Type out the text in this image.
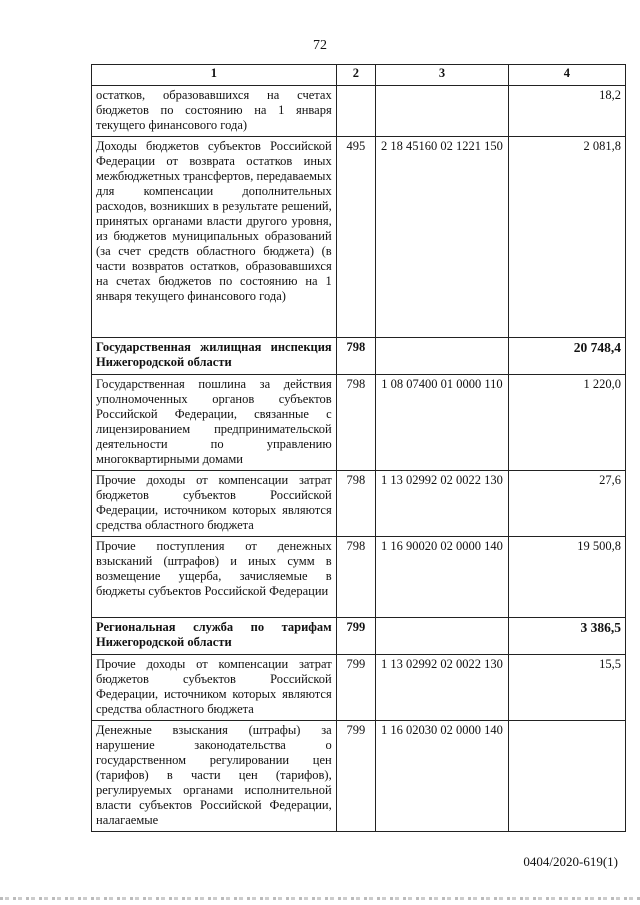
72
1	2	3	4
остатков, образовавшихся на счетах бюджетов по состоянию на 1 января текущего финансового года)			18,2
Доходы бюджетов субъектов Российской Федерации от возврата остатков иных межбюджетных трансфертов, передаваемых для компенсации дополнительных расходов, возникших в результате решений, принятых органами власти другого уровня, из бюджетов муниципальных образований (за счет средств областного бюджета) (в части возвратов остатков, образовавшихся на счетах бюджетов по состоянию на 1 января текущего финансового года)	495	2 18 45160 02 1221 150	2 081,8
Государственная жилищная инспекция Нижегородской области	798		20 748,4
Государственная пошлина за действия уполномоченных органов субъектов Российской Федерации, связанные с лицензированием предпринимательской деятельности по управлению многоквартирными домами	798	1 08 07400 01 0000 110	1 220,0
Прочие доходы от компенсации затрат бюджетов субъектов Российской Федерации, источником которых являются средства областного бюджета	798	1 13 02992 02 0022 130	27,6
Прочие поступления от денежных взысканий (штрафов) и иных сумм в возмещение ущерба, зачисляемые в бюджеты субъектов Российской Федерации	798	1 16 90020 02 0000 140	19 500,8
Региональная служба по тарифам Нижегородской области	799		3 386,5
Прочие доходы от компенсации затрат бюджетов субъектов Российской Федерации, источником которых являются средства областного бюджета	799	1 13 02992 02 0022 130	15,5
Денежные взыскания (штрафы) за нарушение законодательства о государственном регулировании цен (тарифов) в части цен (тарифов), регулируемых органами исполнительной власти субъектов Российской Федерации, налагаемые	799	1 16 02030 02 0000 140	
0404/2020-619(1)
